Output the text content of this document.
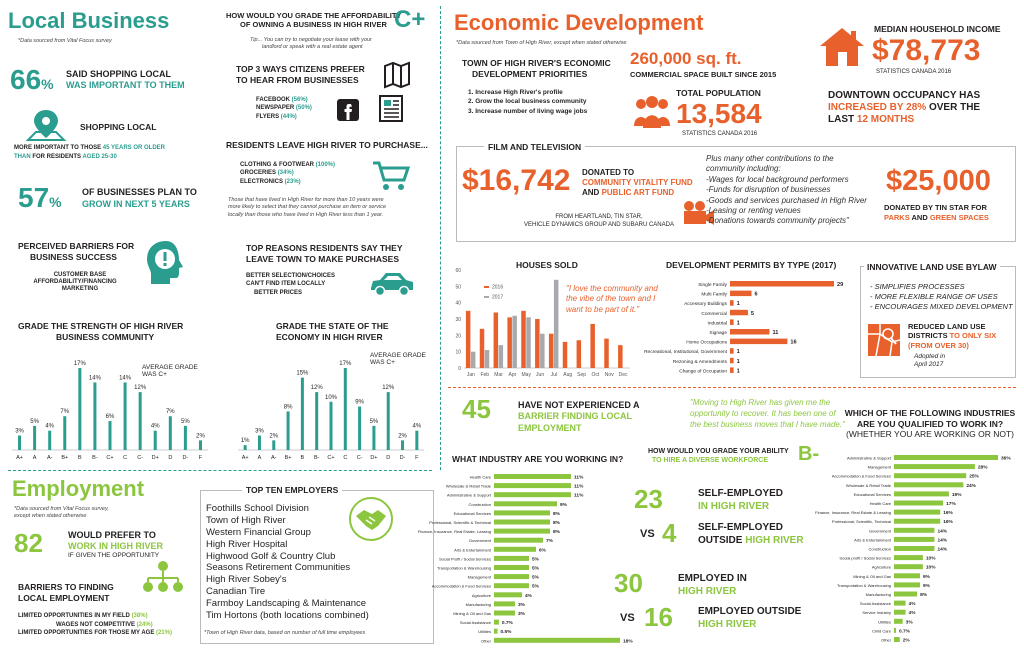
Local Business
*Data sourced from Vital Focus survey
66%
SAID SHOPPING LOCAL
WAS IMPORTANT TO THEM
SHOPPING LOCAL
MORE IMPORTANT TO THOSE 45 YEARS OR OLDER
THAN FOR RESIDENTS AGED 25-30
57%
OF BUSINESSES PLAN TO
GROW IN NEXT 5 YEARS
PERCEIVED BARRIERS FOR
BUSINESS SUCCESS
CUSTOMER BASE
AFFORDABILITY/FINANCING
MARKETING
HOW WOULD YOU GRADE THE AFFORDABILITY
OF OWNING A BUSINESS IN HIGH RIVER C+
Tip... You can try to negotiate your lease with your
landlord or speak with a real estate agent
TOP 3 WAYS CITIZENS PREFER
TO HEAR FROM BUSINESSES
FACEBOOK (56%)
NEWSPAPER (50%)
FLYERS (44%)
RESIDENTS LEAVE HIGH RIVER TO PURCHASE...
CLOTHING & FOOTWEAR (100%)
GROCERIES (34%)
ELECTRONICS (23%)
Those that have lived in High River for more than 10 years were
more likely to select that they cannot purchase an item or service
locally than those who have lived in High River less than 1 year.
TOP REASONS RESIDENTS SAY THEY
LEAVE TOWN TO MAKE PURCHASES
BETTER SELECTION/CHOICES
CAN'T FIND ITEM LOCALLY
BETTER PRICES
GRADE THE STRENGTH OF HIGH RIVER
BUSINESS COMMUNITY
AVERAGE GRADE
WAS C+
3%
A+
5%
A
4%
A-
7%
B+
17%
B
14%
B-
6%
C+
14%
C
12%
C-
4%
D+
7%
D
5%
D-
2%
F
GRADE THE STATE OF THE
ECONOMY IN HIGH RIVER
AVERAGE GRADE
WAS C+
1%
A+
3%
A
2%
A-
8%
B+
15%
B
12%
B-
10%
C+
17%
C
9%
C-
5%
D+
12%
D
2%
D-
4%
F
Economic Development
*Data sourced from Town of High River, except when stated otherwise
TOWN OF HIGH RIVER'S ECONOMIC
DEVELOPMENT PRIORITIES
1. Increase High River's profile
2. Grow the local business community
3. Increase number of living wage jobs
260,000 sq. ft.
COMMERCIAL SPACE BUILT SINCE 2015
TOTAL POPULATION
13,584
STATISTICS CANADA 2016
MEDIAN HOUSEHOLD INCOME
$78,773
STATISTICS CANADA 2016
DOWNTOWN OCCUPANCY HAS
INCREASED BY 28% OVER THE
LAST 12 MONTHS
FILM AND TELEVISION
$16,742 DONATED TO
COMMUNITY VITALITY FUND
AND PUBLIC ART FUND
FROM HEARTLAND, TIN STAR,
VEHICLE DYNAMICS GROUP AND SUBARU CANADA
Plus many other contributions to the
community including:
-Wages for local background performers
-Funds for disruption of businesses
-Goods and services purchased in High River
-Leasing or renting venues
-Donations towards community projects"
$25,000
DONATED BY TIN STAR FOR
PARKS AND GREEN SPACES
HOUSES SOLD
0
10
20
30
40
50
60
Jan Feb Mar Apr May Jun Jul Aug Sep Oct Nov Dec
2016
2017
"I love the community and
the vibe of the town and I
want to be part of it."
DEVELOPMENT PERMITS BY TYPE (2017)
Single Family	29
Multi Family	6
Accessory Buildings 1
Commercial	5
Industrial 1
Signage	11
Home Occupations	16
Recreational, Institutional, Government 1
Rezoning & Amendments 1
Change of Occupation 1
INNOVATIVE LAND USE BYLAW
- SIMPLIFIES PROCESSES
- MORE FLEXIBLE RANGE OF USES
- ENCOURAGES MIXED DEVELOPMENT
REDUCED LAND USE
DISTRICTS TO ONLY SIX
(FROM OVER 30)
Adopted in
April 2017
Employment
*Data sourced from Vital Focus survey,
except when stated otherwise
82	WOULD PREFER TO
WORK IN HIGH RIVER
IF GIVEN THE OPPORTUNITY
BARRIERS TO FINDING
LOCAL EMPLOYMENT
LIMITED OPPORTUNITIES IN MY FIELD (38%)
WAGES NOT COMPETITIVE (24%)
LIMITED OPPORTUNITIES FOR THOSE MY AGE (21%)
TOP TEN EMPLOYERS
Foothills School Division
Town of High River
Western Financial Group
High River Hospital
Highwood Golf & Country Club
Seasons Retirement Communities
High River Sobey's
Canadian Tire
Farmboy Landscaping & Maintenance
Tim Hortons (both locations combined)
*Town of High River data, based on number of full time employees
45	HAVE NOT EXPERIENCED A
BARRIER FINDING LOCAL
EMPLOYMENT
"Moving to High River has given me the
opportunity to recover. It has been one of
the best business moves that I have made."
WHAT INDUSTRY ARE YOU WORKING IN?
Health Care	11%
Wholesale & Retail Trade	11%
Administrative & Support	11%
Construction	9%
Educational Services	8%
Professional, Scientific & Technical	8%
Finance, Insurance, Real Estate, Leasing	8%
Government	7%
Arts & Entertainment	6%
Social Profit / Social Services	5%
Transportation & Warehousing	5%
Management	5%
Accommodation & Food Services	5%
Agriculture	4%
Manufacturing	3%
Mining & Oil and Gas	3%
Social Assistance 0.7%
Utilities 0.5%
Other	18%
HOW WOULD YOU GRADE YOUR ABILITY
TO HIRE A DIVERSE WORKFORCE	B-
23	SELF-EMPLOYED
IN HIGH RIVER
VS 4 SELF-EMPLOYED
OUTSIDE HIGH RIVER
30	EMPLOYED IN
HIGH RIVER
VS 16	EMPLOYED OUTSIDE
HIGH RIVER
WHICH OF THE FOLLOWING INDUSTRIES
ARE YOU QUALIFIED TO WORK IN?
(WHETHER YOU ARE WORKING OR NOT)
Administrative & Support	36%
Management	28%
Accommodation & Food Services	25%
Wholesale & Retail Trade	24%
Educational Services	19%
Health Care	17%
Finance, Insurance, Real Estate & Leasing	16%
Professional, Scientific, Technical	16%
Government	14%
Arts & Entertainment	14%
Construction	14%
Social profit / Social Services	10%
Agriculture	10%
Mining & Oil and Gas	9%
Transportation & Warehousing	9%
Manufacturing	8%
Social Assistance	4%
Service Industry	4%
Utilities	3%
Child Care 0.7%
Other 2%
